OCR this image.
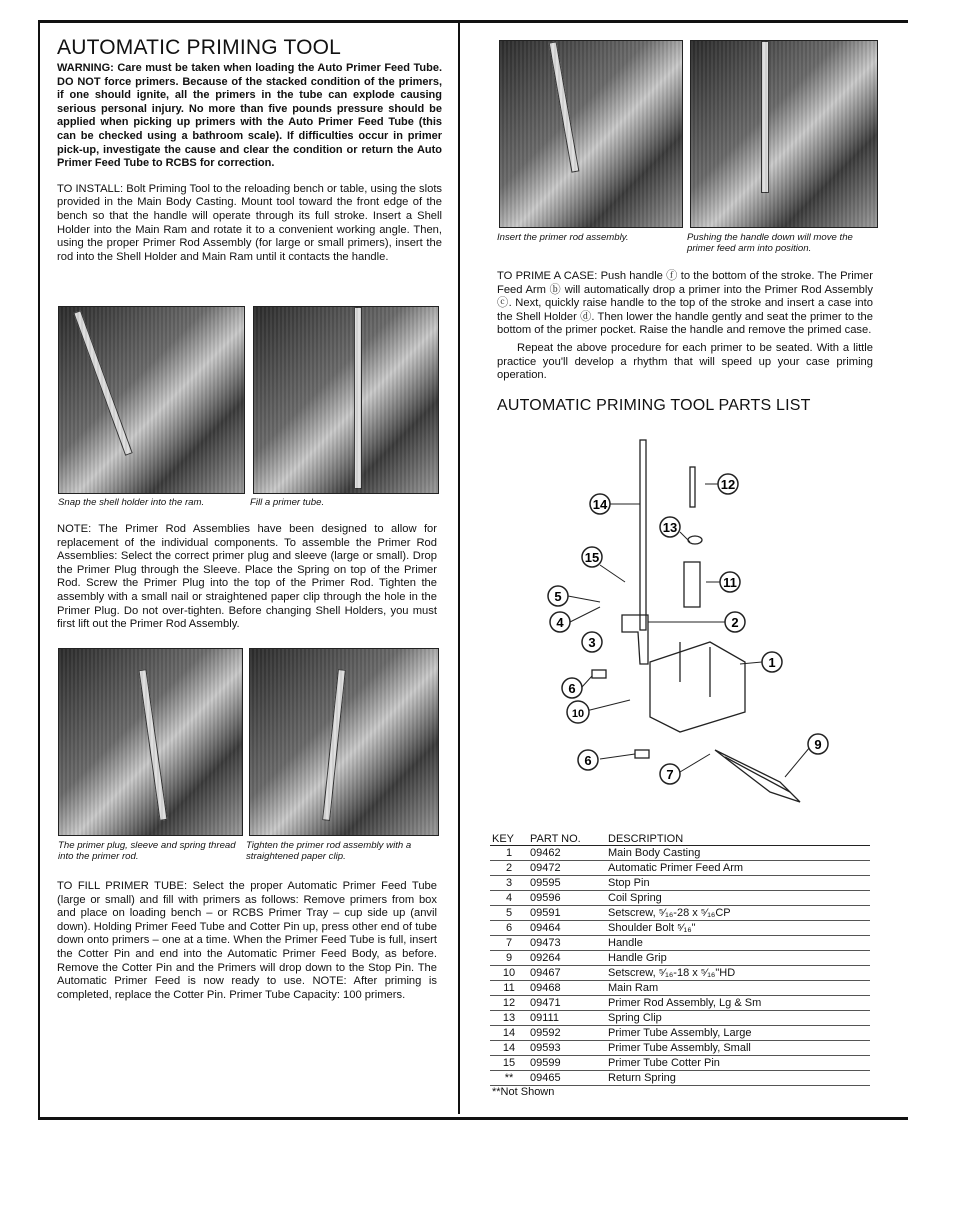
AUTOMATIC PRIMING TOOL

WARNING: Care must be taken when loading the Auto Primer Feed Tube. DO NOT force primers. Because of the stacked condition of the primers, if one should ignite, all the primers in the tube can explode causing serious personal injury. No more than five pounds pressure should be applied when picking up primers with the Auto Primer Feed Tube (this can be checked using a bathroom scale). If difficulties occur in primer pick-up, investigate the cause and clear the condition or return the Auto Primer Feed Tube to RCBS for correction.

TO INSTALL: Bolt Priming Tool to the reloading bench or table, using the slots provided in the Main Body Casting. Mount tool toward the front edge of the bench so that the handle will operate through its full stroke. Insert a Shell Holder into the Main Ram and rotate it to a convenient working angle. Then, using the proper Primer Rod Assembly (for large or small primers), insert the rod into the Shell Holder and Main Ram until it contacts the handle.

Snap the shell holder into the ram.	Fill a primer tube.

NOTE: The Primer Rod Assemblies have been designed to allow for replacement of the individual components. To assemble the Primer Rod Assemblies: Select the correct primer plug and sleeve (large or small). Drop the Primer Plug through the Sleeve. Place the Spring on top of the Primer Rod. Screw the Primer Plug into the top of the Primer Rod. Tighten the assembly with a small nail or straightened paper clip through the hole in the Primer Plug. Do not over-tighten. Before changing Shell Holders, you must first lift out the Primer Rod Assembly.

The primer plug, sleeve and spring thread into the primer rod.
Tighten the primer rod assembly with a straightened paper clip.

TO FILL PRIMER TUBE: Select the proper Automatic Primer Feed Tube (large or small) and fill with primers as follows: Remove primers from box and place on loading bench – or RCBS Primer Tray – cup side up (anvil down). Holding Primer Feed Tube and Cotter Pin up, press other end of tube down onto primers – one at a time. When the Primer Feed Tube is full, insert the Cotter Pin and end into the Automatic Primer Feed Body, as before. Remove the Cotter Pin and the Primers will drop down to the Stop Pin. The Automatic Primer Feed is now ready to use. NOTE: After priming is completed, replace the Cotter Pin. Primer Tube Capacity: 100 primers.

Insert the primer rod assembly.	Pushing the handle down will move the primer feed arm into position.

TO PRIME A CASE: Push handle ⓕ to the bottom of the stroke. The Primer Feed Arm ⓑ will automatically drop a primer into the Primer Rod Assembly ⓒ. Next, quickly raise handle to the top of the stroke and insert a case into the Shell Holder ⓓ. Then lower the handle gently and seat the primer to the bottom of the primer pocket. Raise the handle and remove the primed case.

Repeat the above procedure for each primer to be seated. With a little practice you'll develop a rhythm that will speed up your case priming operation.

AUTOMATIC PRIMING TOOL PARTS LIST
14
12
13
15
11
5
4	2
3
1
6
10
9
6
7
KEY	PART NO.	DESCRIPTION
1	09462	Main Body Casting
2	09472	Automatic Primer Feed Arm
3	09595	Stop Pin
4	09596	Coil Spring
5	09591	Setscrew, ⁵⁄₁₆-28 x ⁵⁄₁₆CP
6	09464	Shoulder Bolt ⁵⁄₁₆"
7	09473	Handle
9	09264	Handle Grip
10	09467	Setscrew, ⁵⁄₁₆-18 x ⁵⁄₁₆"HD
11	09468	Main Ram
12	09471	Primer Rod Assembly, Lg & Sm
13	09111	Spring Clip
14	09592	Primer Tube Assembly, Large
14	09593	Primer Tube Assembly, Small
15	09599	Primer Tube Cotter Pin
**	09465	Return Spring
**Not Shown
